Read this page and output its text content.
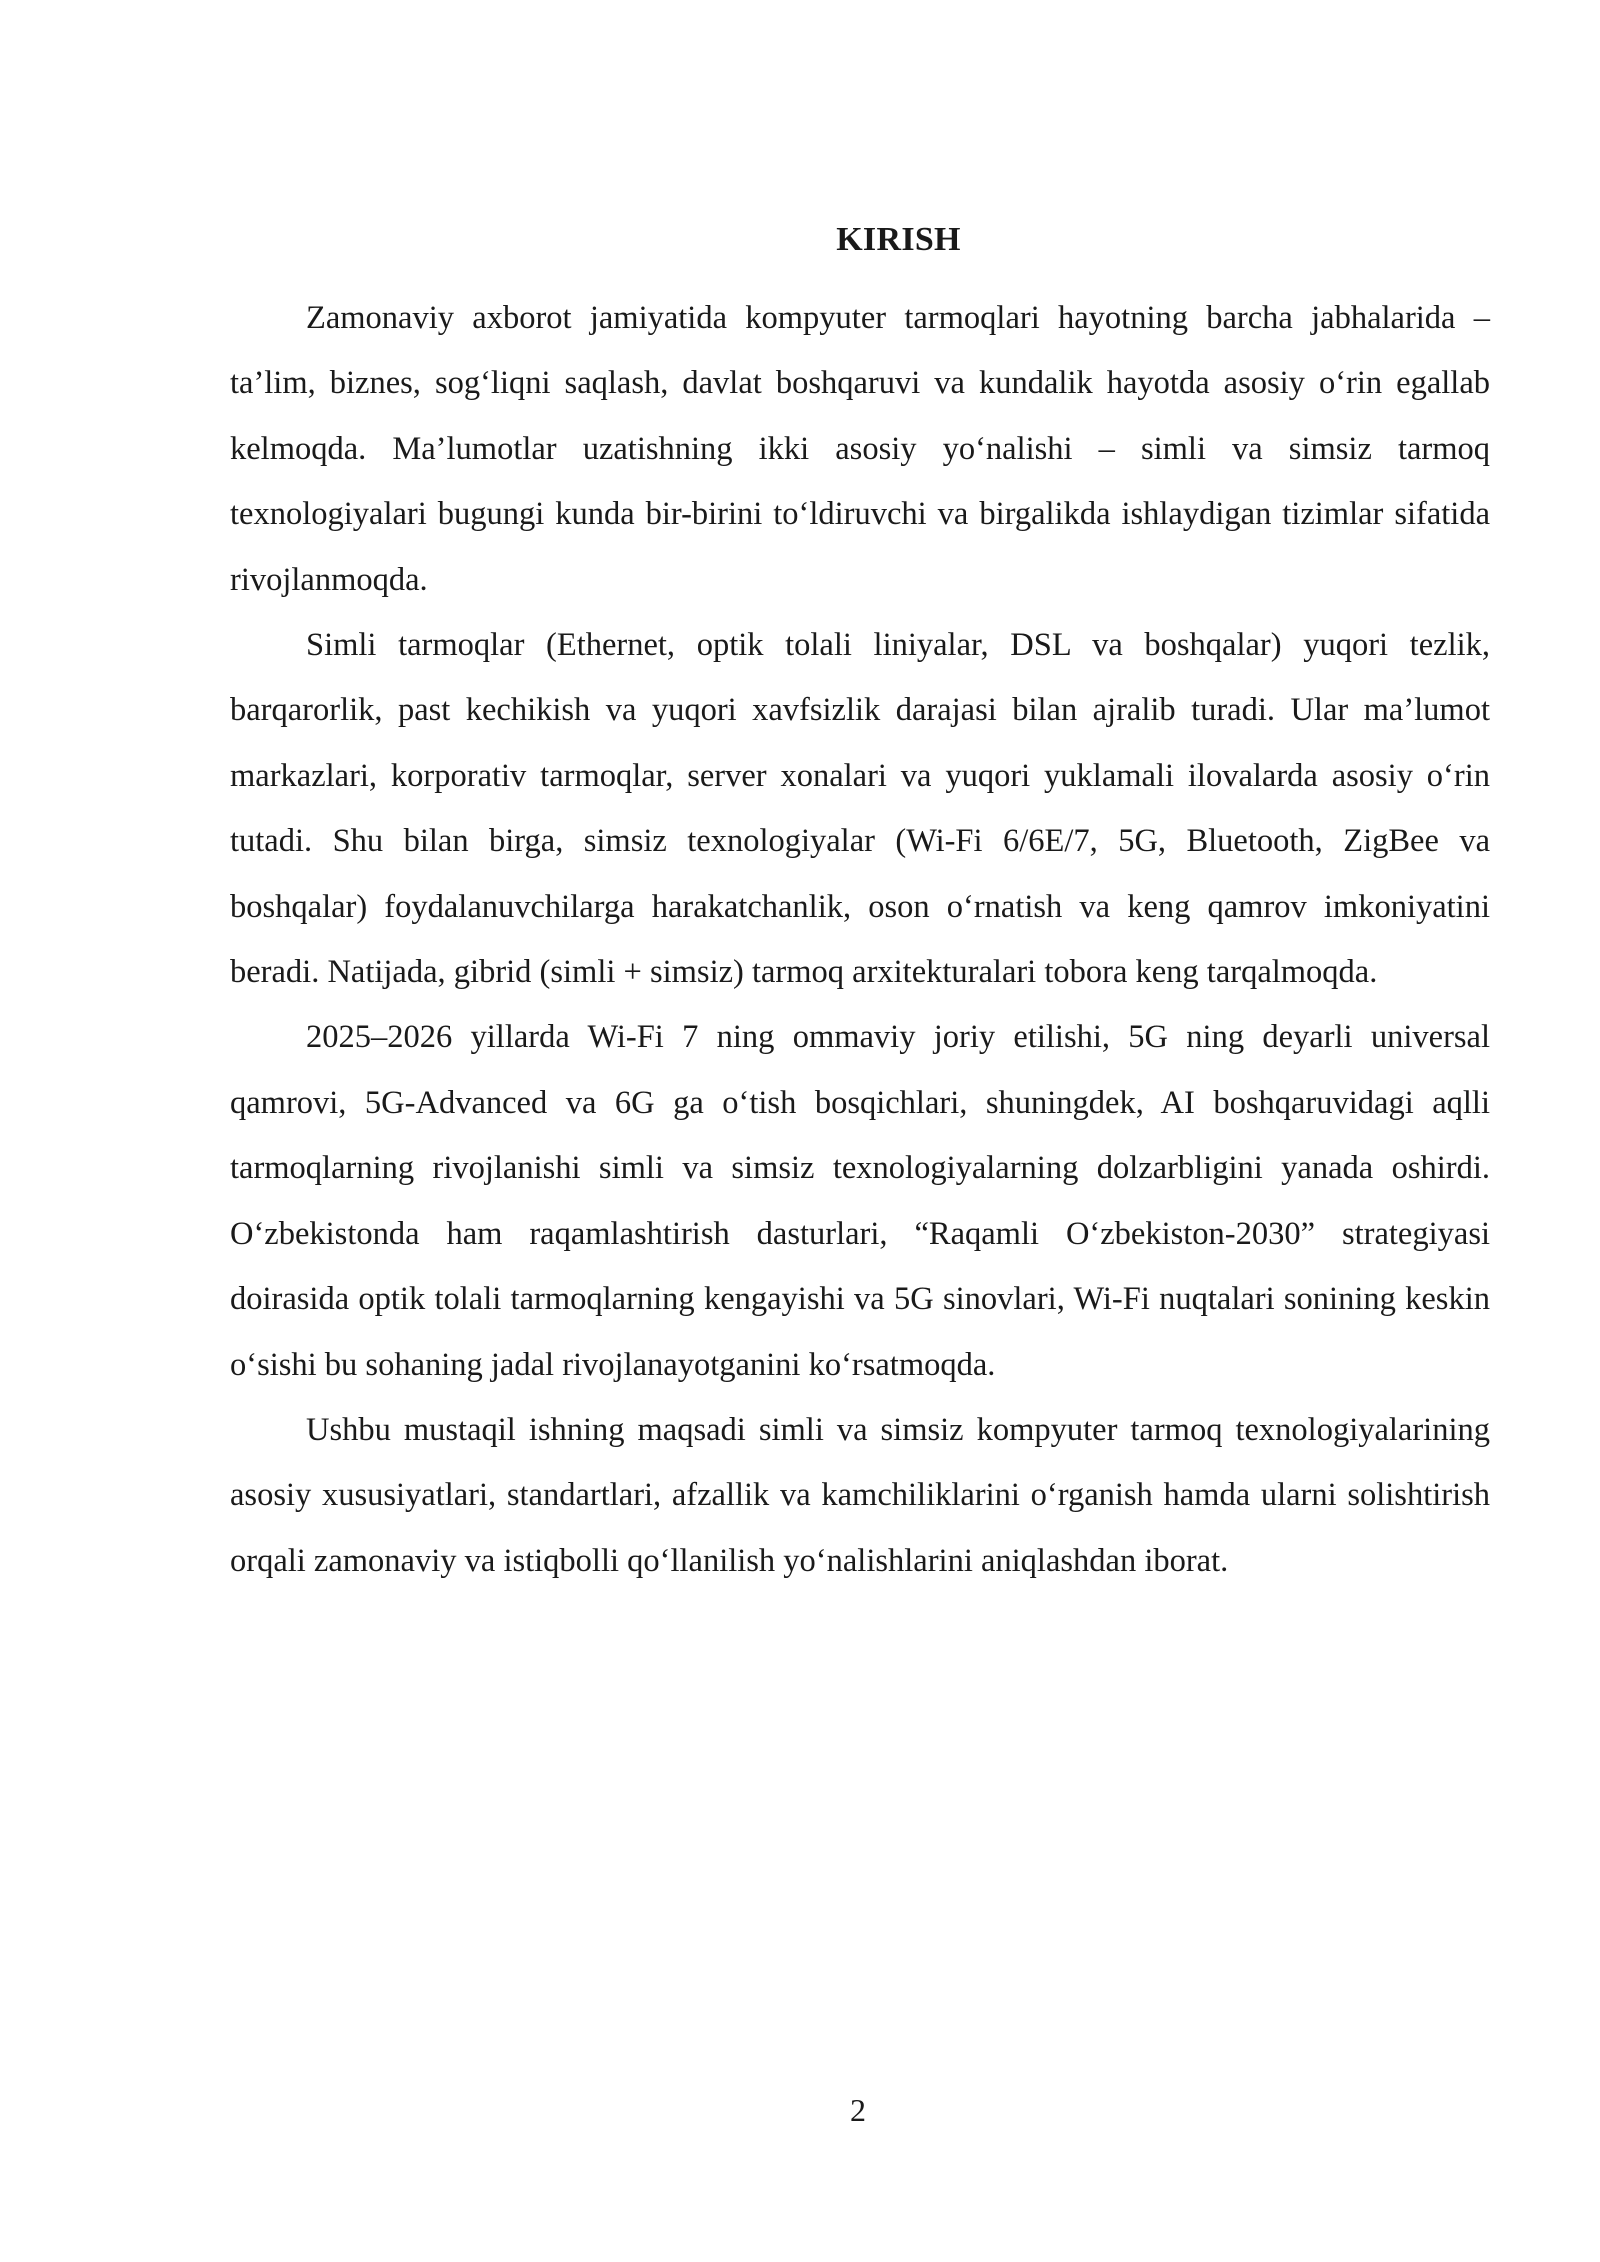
KIRISH

Zamonaviy axborot jamiyatida kompyuter tarmoqlari hayotning barcha jabhalarida – ta’lim, biznes, sog‘liqni saqlash, davlat boshqaruvi va kundalik hayotda asosiy o‘rin egallab kelmoqda. Ma’lumotlar uzatishning ikki asosiy yo‘nalishi – simli va simsiz tarmoq texnologiyalari bugungi kunda bir-birini to‘ldiruvchi va birgalikda ishlaydigan tizimlar sifatida rivojlanmoqda.

Simli tarmoqlar (Ethernet, optik tolali liniyalar, DSL va boshqalar) yuqori tezlik, barqarorlik, past kechikish va yuqori xavfsizlik darajasi bilan ajralib turadi. Ular ma’lumot markazlari, korporativ tarmoqlar, server xonalari va yuqori yuklamali ilovalarda asosiy o‘rin tutadi. Shu bilan birga, simsiz texnologiyalar (Wi-Fi 6/6E/7, 5G, Bluetooth, ZigBee va boshqalar) foydalanuvchilarga harakatchanlik, oson o‘rnatish va keng qamrov imkoniyatini beradi. Natijada, gibrid (simli + simsiz) tarmoq arxitekturalari tobora keng tarqalmoqda.

2025–2026 yillarda Wi-Fi 7 ning ommaviy joriy etilishi, 5G ning deyarli universal qamrovi, 5G-Advanced va 6G ga o‘tish bosqichlari, shuningdek, AI boshqaruvidagi aqlli tarmoqlarning rivojlanishi simli va simsiz texnologiyalarning dolzarbligini yanada oshirdi. O‘zbekistonda ham raqamlashtirish dasturlari, “Raqamli O‘zbekiston-2030” strategiyasi doirasida optik tolali tarmoqlarning kengayishi va 5G sinovlari, Wi-Fi nuqtalari sonining keskin o‘sishi bu sohaning jadal rivojlanayotganini ko‘rsatmoqda.

Ushbu mustaqil ishning maqsadi simli va simsiz kompyuter tarmoq texnologiyalarining asosiy xususiyatlari, standartlari, afzallik va kamchiliklarini o‘rganish hamda ularni solishtirish orqali zamonaviy va istiqbolli qo‘llanilish yo‘nalishlarini aniqlashdan iborat.

2
